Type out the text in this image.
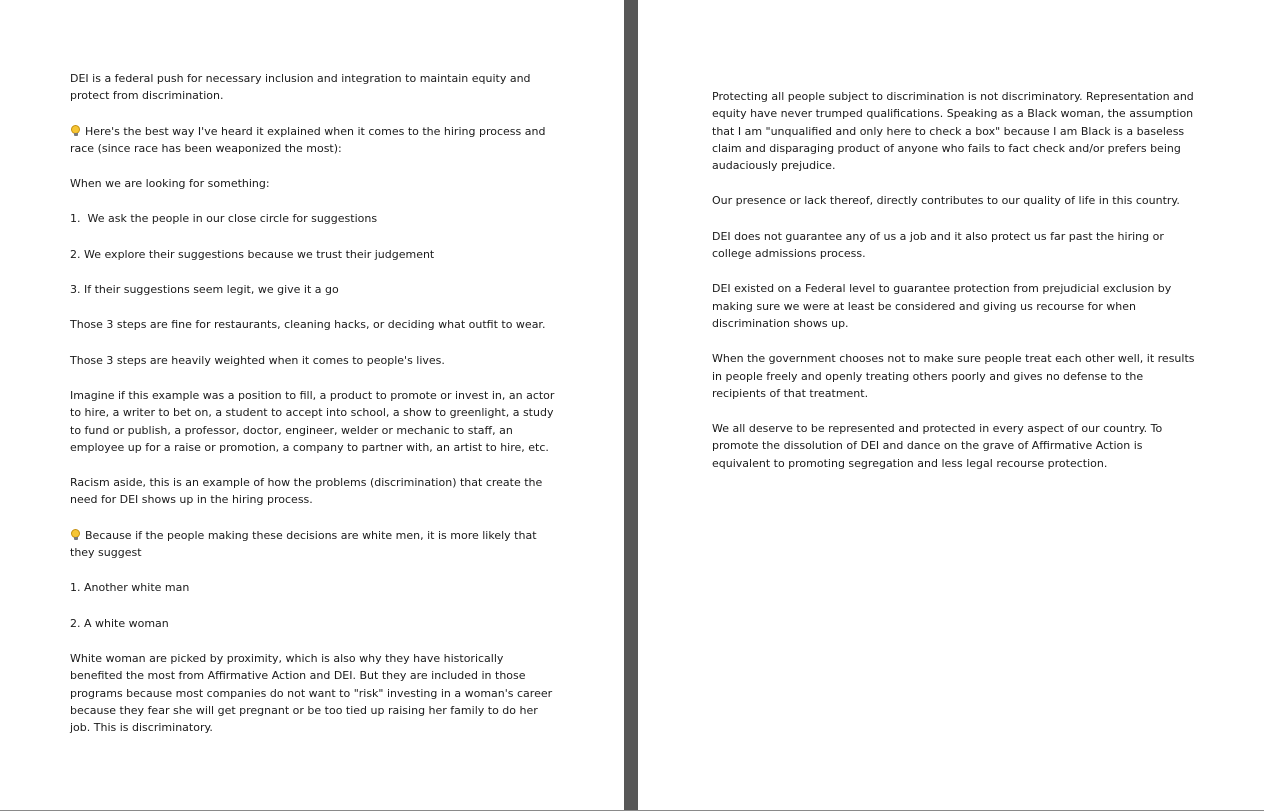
DEI is a federal push for necessary inclusion and integration to maintain equity and protect from discrimination.

Here's the best way I've heard it explained when it comes to the hiring process and race (since race has been weaponized the most):

When we are looking for something:

1.  We ask the people in our close circle for suggestions

2. We explore their suggestions because we trust their judgement

3. If their suggestions seem legit, we give it a go

Those 3 steps are fine for restaurants, cleaning hacks, or deciding what outfit to wear.

Those 3 steps are heavily weighted when it comes to people's lives.

Imagine if this example was a position to fill, a product to promote or invest in, an actor to hire, a writer to bet on, a student to accept into school, a show to greenlight, a study to fund or publish, a professor, doctor, engineer, welder or mechanic to staff, an employee up for a raise or promotion, a company to partner with, an artist to hire, etc.

Racism aside, this is an example of how the problems (discrimination) that create the need for DEI shows up in the hiring process.

Because if the people making these decisions are white men, it is more likely that they suggest

1. Another white man

2. A white woman

White woman are picked by proximity, which is also why they have historically benefited the most from Affirmative Action and DEI. But they are included in those programs because most companies do not want to "risk" investing in a woman's career because they fear she will get pregnant or be too tied up raising her family to do her job. This is discriminatory.

Protecting all people subject to discrimination is not discriminatory. Representation and equity have never trumped qualifications. Speaking as a Black woman, the assumption that I am "unqualified and only here to check a box" because I am Black is a baseless claim and disparaging product of anyone who fails to fact check and/or prefers being audaciously prejudice.

Our presence or lack thereof, directly contributes to our quality of life in this country.

DEI does not guarantee any of us a job and it also protect us far past the hiring or college admissions process.

DEI existed on a Federal level to guarantee protection from prejudicial exclusion by making sure we were at least be considered and giving us recourse for when discrimination shows up.

When the government chooses not to make sure people treat each other well, it results in people freely and openly treating others poorly and gives no defense to the recipients of that treatment.

We all deserve to be represented and protected in every aspect of our country. To promote the dissolution of DEI and dance on the grave of Affirmative Action is equivalent to promoting segregation and less legal recourse protection.
